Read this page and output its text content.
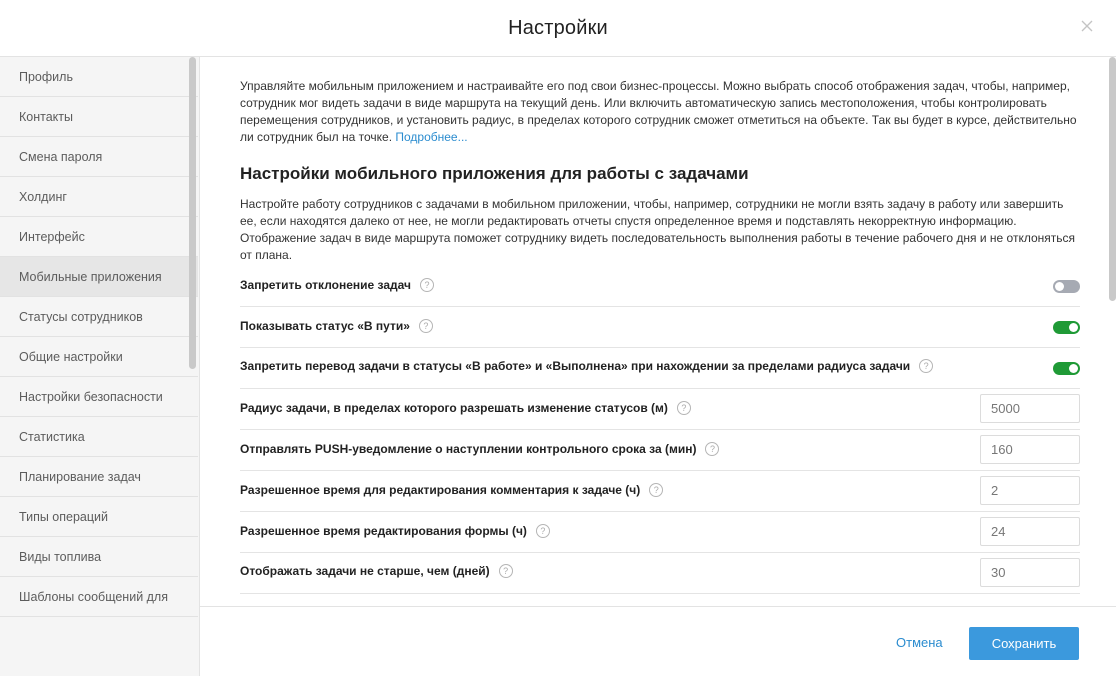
Настройки
Профиль
Контакты
Смена пароля
Холдинг
Интерфейс
Мобильные приложения
Статусы сотрудников
Общие настройки
Настройки безопасности
Статистика
Планирование задач
Типы операций
Виды топлива
Шаблоны сообщений для
Управляйте мобильным приложением и настраивайте его под свои бизнес-процессы. Можно выбрать способ отображения задач, чтобы, например, сотрудник мог видеть задачи в виде маршрута на текущий день. Или включить автоматическую запись местоположения, чтобы контролировать перемещения сотрудников, и установить радиус, в пределах которого сотрудник сможет отметиться на объекте. Так вы будет в курсе, действительно ли сотрудник был на точке. Подробнее...
Настройки мобильного приложения для работы с задачами
Настройте работу сотрудников с задачами в мобильном приложении, чтобы, например, сотрудники не могли взять задачу в работу или завершить ее, если находятся далеко от нее, не могли редактировать отчеты спустя определенное время и подставлять некорректную информацию. Отображение задач в виде маршрута поможет сотруднику видеть последовательность выполнения работы в течение рабочего дня и не отклоняться от плана.
Запретить отклонение задач	?
Показывать статус «В пути»	?
Запретить перевод задачи в статусы «В работе» и «Выполнена» при нахождении за пределами радиуса задачи	?
Радиус задачи, в пределах которого разрешать изменение статусов (м)	?
5000
Отправлять PUSH-уведомление о наступлении контрольного срока за (мин)	?
160
Разрешенное время для редактирования комментария к задаче (ч)	?
2
Разрешенное время редактирования формы (ч)	?
24
Отображать задачи не старше, чем (дней)	?
30
Отмена	Сохранить
